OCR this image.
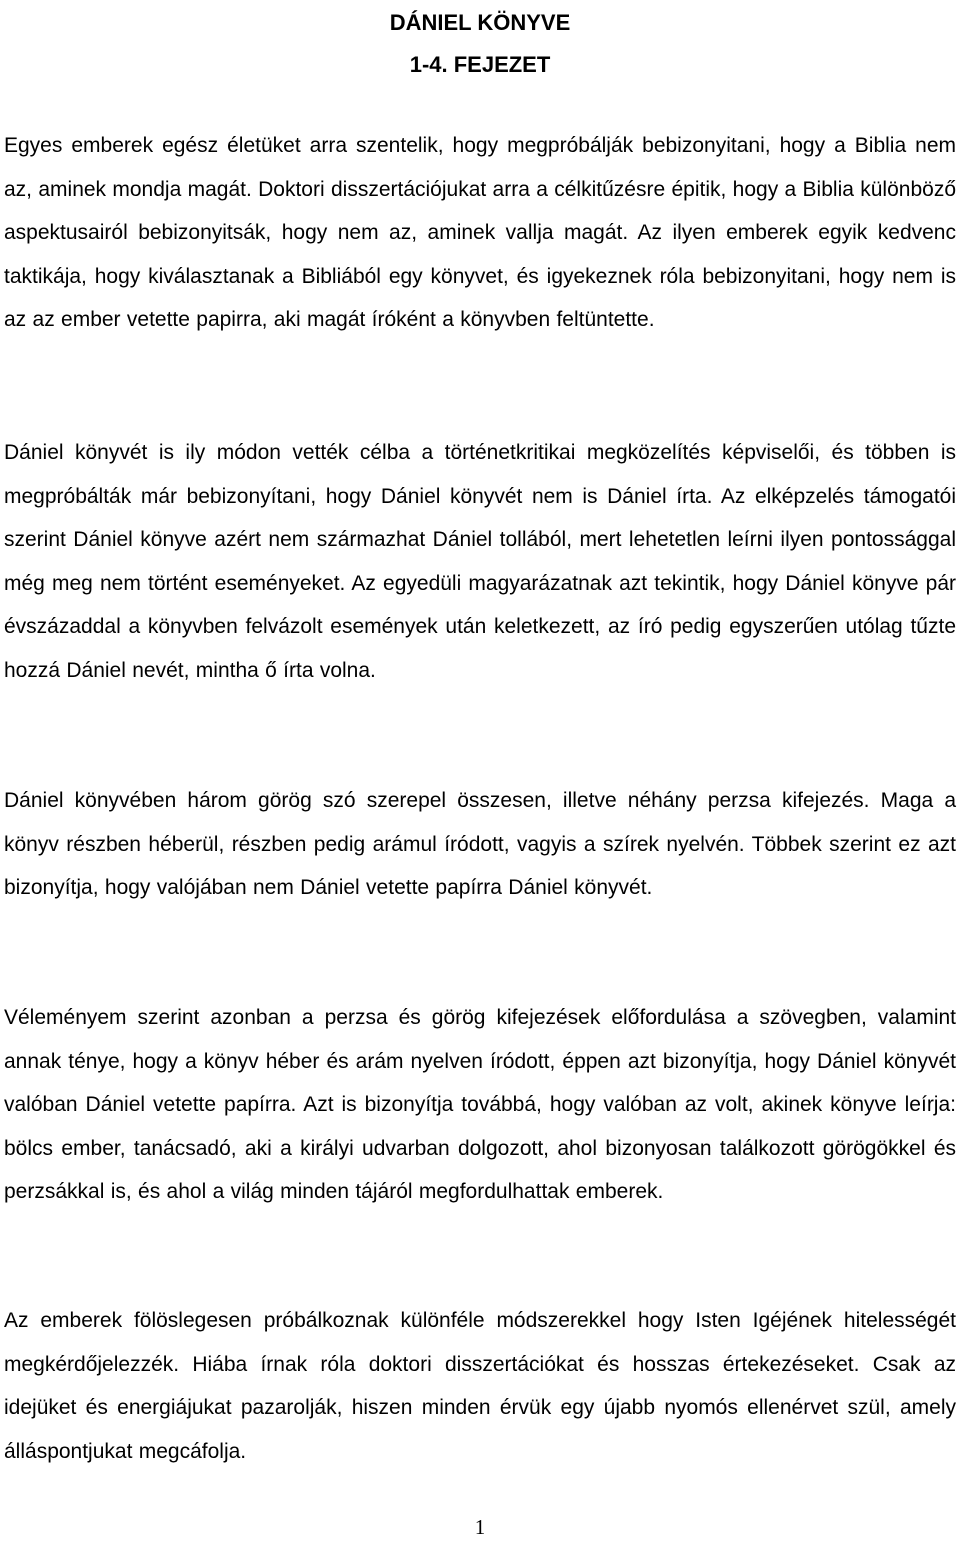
DÁNIEL KÖNYVE
1-4. FEJEZET

Egyes emberek egész életüket arra szentelik, hogy megpróbálják bebizonyitani, hogy a Biblia nem az, aminek mondja magát. Doktori disszertációjukat arra a célkitűzésre épitik, hogy a Biblia különböző aspektusairól bebizonyitsák, hogy nem az, aminek vallja magát. Az ilyen emberek egyik kedvenc taktikája, hogy kiválasztanak a Bibliából egy könyvet, és igyekeznek róla bebizonyitani, hogy nem is az az ember vetette papirra, aki magát íróként a könyvben feltüntette.

Dániel könyvét is ily módon vették célba a történetkritikai megközelítés képviselői, és többen is megpróbálták már bebizonyítani, hogy Dániel könyvét nem is Dániel írta. Az elképzelés támogatói szerint Dániel könyve azért nem származhat Dániel tollából, mert lehetetlen leírni ilyen pontossággal még meg nem történt eseményeket. Az egyedüli magyarázatnak azt tekintik, hogy Dániel könyve pár évszázaddal a könyvben felvázolt események után keletkezett, az író pedig egyszerűen utólag tűzte hozzá Dániel nevét, mintha ő írta volna.

Dániel könyvében három görög szó szerepel összesen, illetve néhány perzsa kifejezés. Maga a könyv részben héberül, részben pedig arámul íródott, vagyis a szírek nyelvén. Többek szerint ez azt bizonyítja, hogy valójában nem Dániel vetette papírra Dániel könyvét.

Véleményem szerint azonban a perzsa és görög kifejezések előfordulása a szövegben, valamint annak ténye, hogy a könyv héber és arám nyelven íródott, éppen azt bizonyítja, hogy Dániel könyvét valóban Dániel vetette papírra. Azt is bizonyítja továbbá, hogy valóban az volt, akinek könyve leírja: bölcs ember, tanácsadó, aki a királyi udvarban dolgozott, ahol bizonyosan találkozott görögökkel és perzsákkal is, és ahol a világ minden tájáról megfordulhattak emberek.

Az emberek fölöslegesen próbálkoznak különféle módszerekkel hogy Isten Igéjének hitelességét megkérdőjelezzék. Hiába írnak róla doktori disszertációkat és hosszas értekezéseket. Csak az idejüket és energiájukat pazarolják, hiszen minden érvük egy újabb nyomós ellenérvet szül, amely álláspontjukat megcáfolja.

1
